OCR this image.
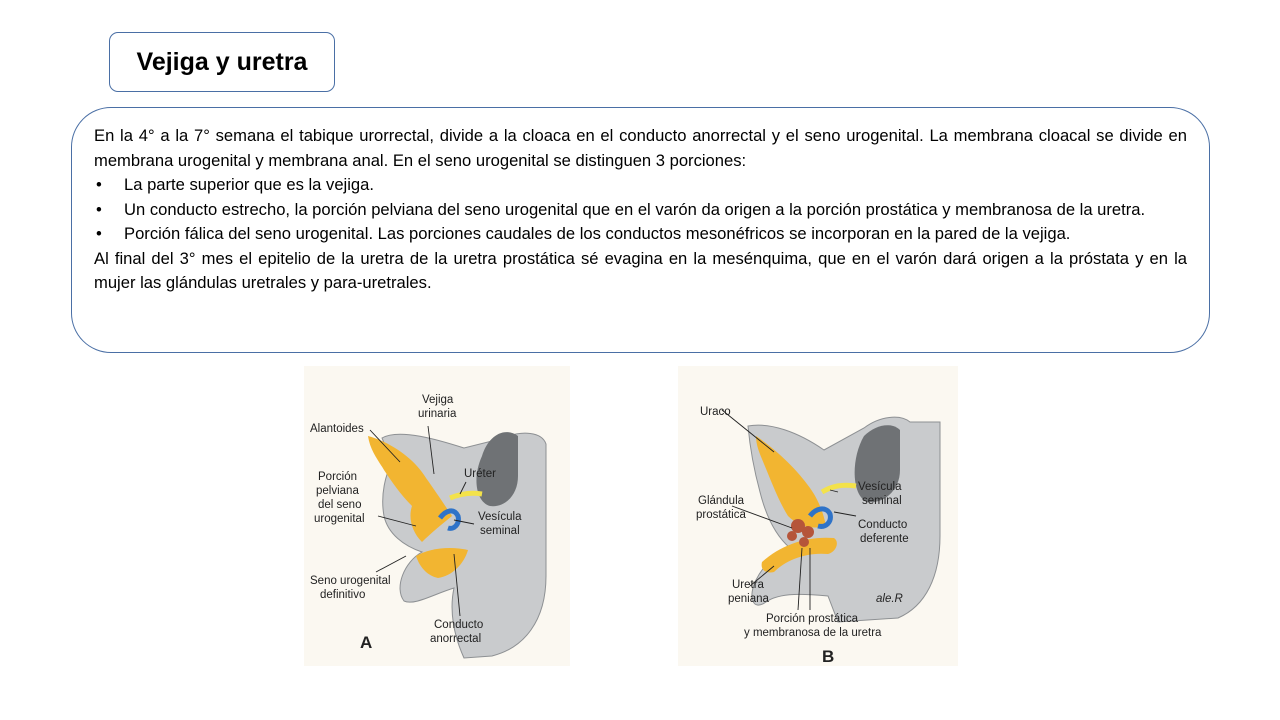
Vejiga y uretra

En la 4° a la 7° semana el tabique urorrectal, divide a la cloaca en el conducto anorrectal y el seno urogenital. La membrana cloacal se divide en membrana urogenital y membrana anal. En el seno urogenital se distinguen 3 porciones:

• La parte superior que es la vejiga.
• Un conducto estrecho, la porción pelviana del seno urogenital que en el varón da origen a la porción prostática y membranosa de la uretra.
• Porción fálica del seno urogenital. Las porciones caudales de los conductos mesonéfricos se incorporan en la pared de la vejiga.

Al final del 3° mes el epitelio de la uretra de la uretra prostática sé evagina en la mesénquima, que en el varón dará origen a la próstata y en la mujer las glándulas uretrales y para-uretrales.

Vejiga
urinaria
Alantoides
Porción
pelviana
del seno
urogenital
Uréter
Vesícula
seminal
Seno urogenital
definitivo
Conducto
anorrectal
A
Uraco
Glándula
prostática
Vesícula
seminal
Conducto
deferente
Uretra
peniana
Porción prostática
y membranosa de la uretra
ale.R
B
